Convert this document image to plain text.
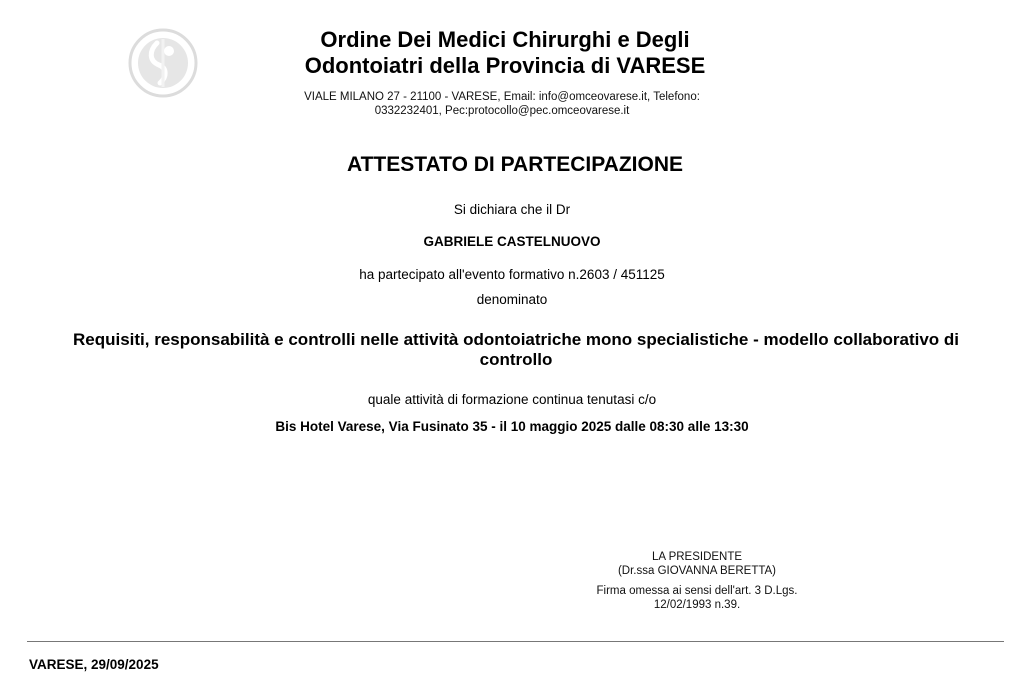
Ordine Dei Medici Chirurghi e Degli
Odontoiatri della Provincia di VARESE
VIALE MILANO 27 - 21100 - VARESE, Email: info@omceovarese.it, Telefono:
0332232401, Pec:protocollo@pec.omceovarese.it
ATTESTATO DI PARTECIPAZIONE
Si dichiara che il Dr
GABRIELE CASTELNUOVO
ha partecipato all'evento formativo n.2603 / 451125
denominato
Requisiti, responsabilità e controlli nelle attività odontoiatriche mono specialistiche - modello collaborativo di controllo
quale attività di formazione continua tenutasi c/o
Bis Hotel Varese, Via Fusinato 35 - il 10 maggio 2025 dalle 08:30 alle 13:30
LA PRESIDENTE
(Dr.ssa GIOVANNA BERETTA)
Firma omessa ai sensi dell'art. 3 D.Lgs.
12/02/1993 n.39.
VARESE, 29/09/2025
